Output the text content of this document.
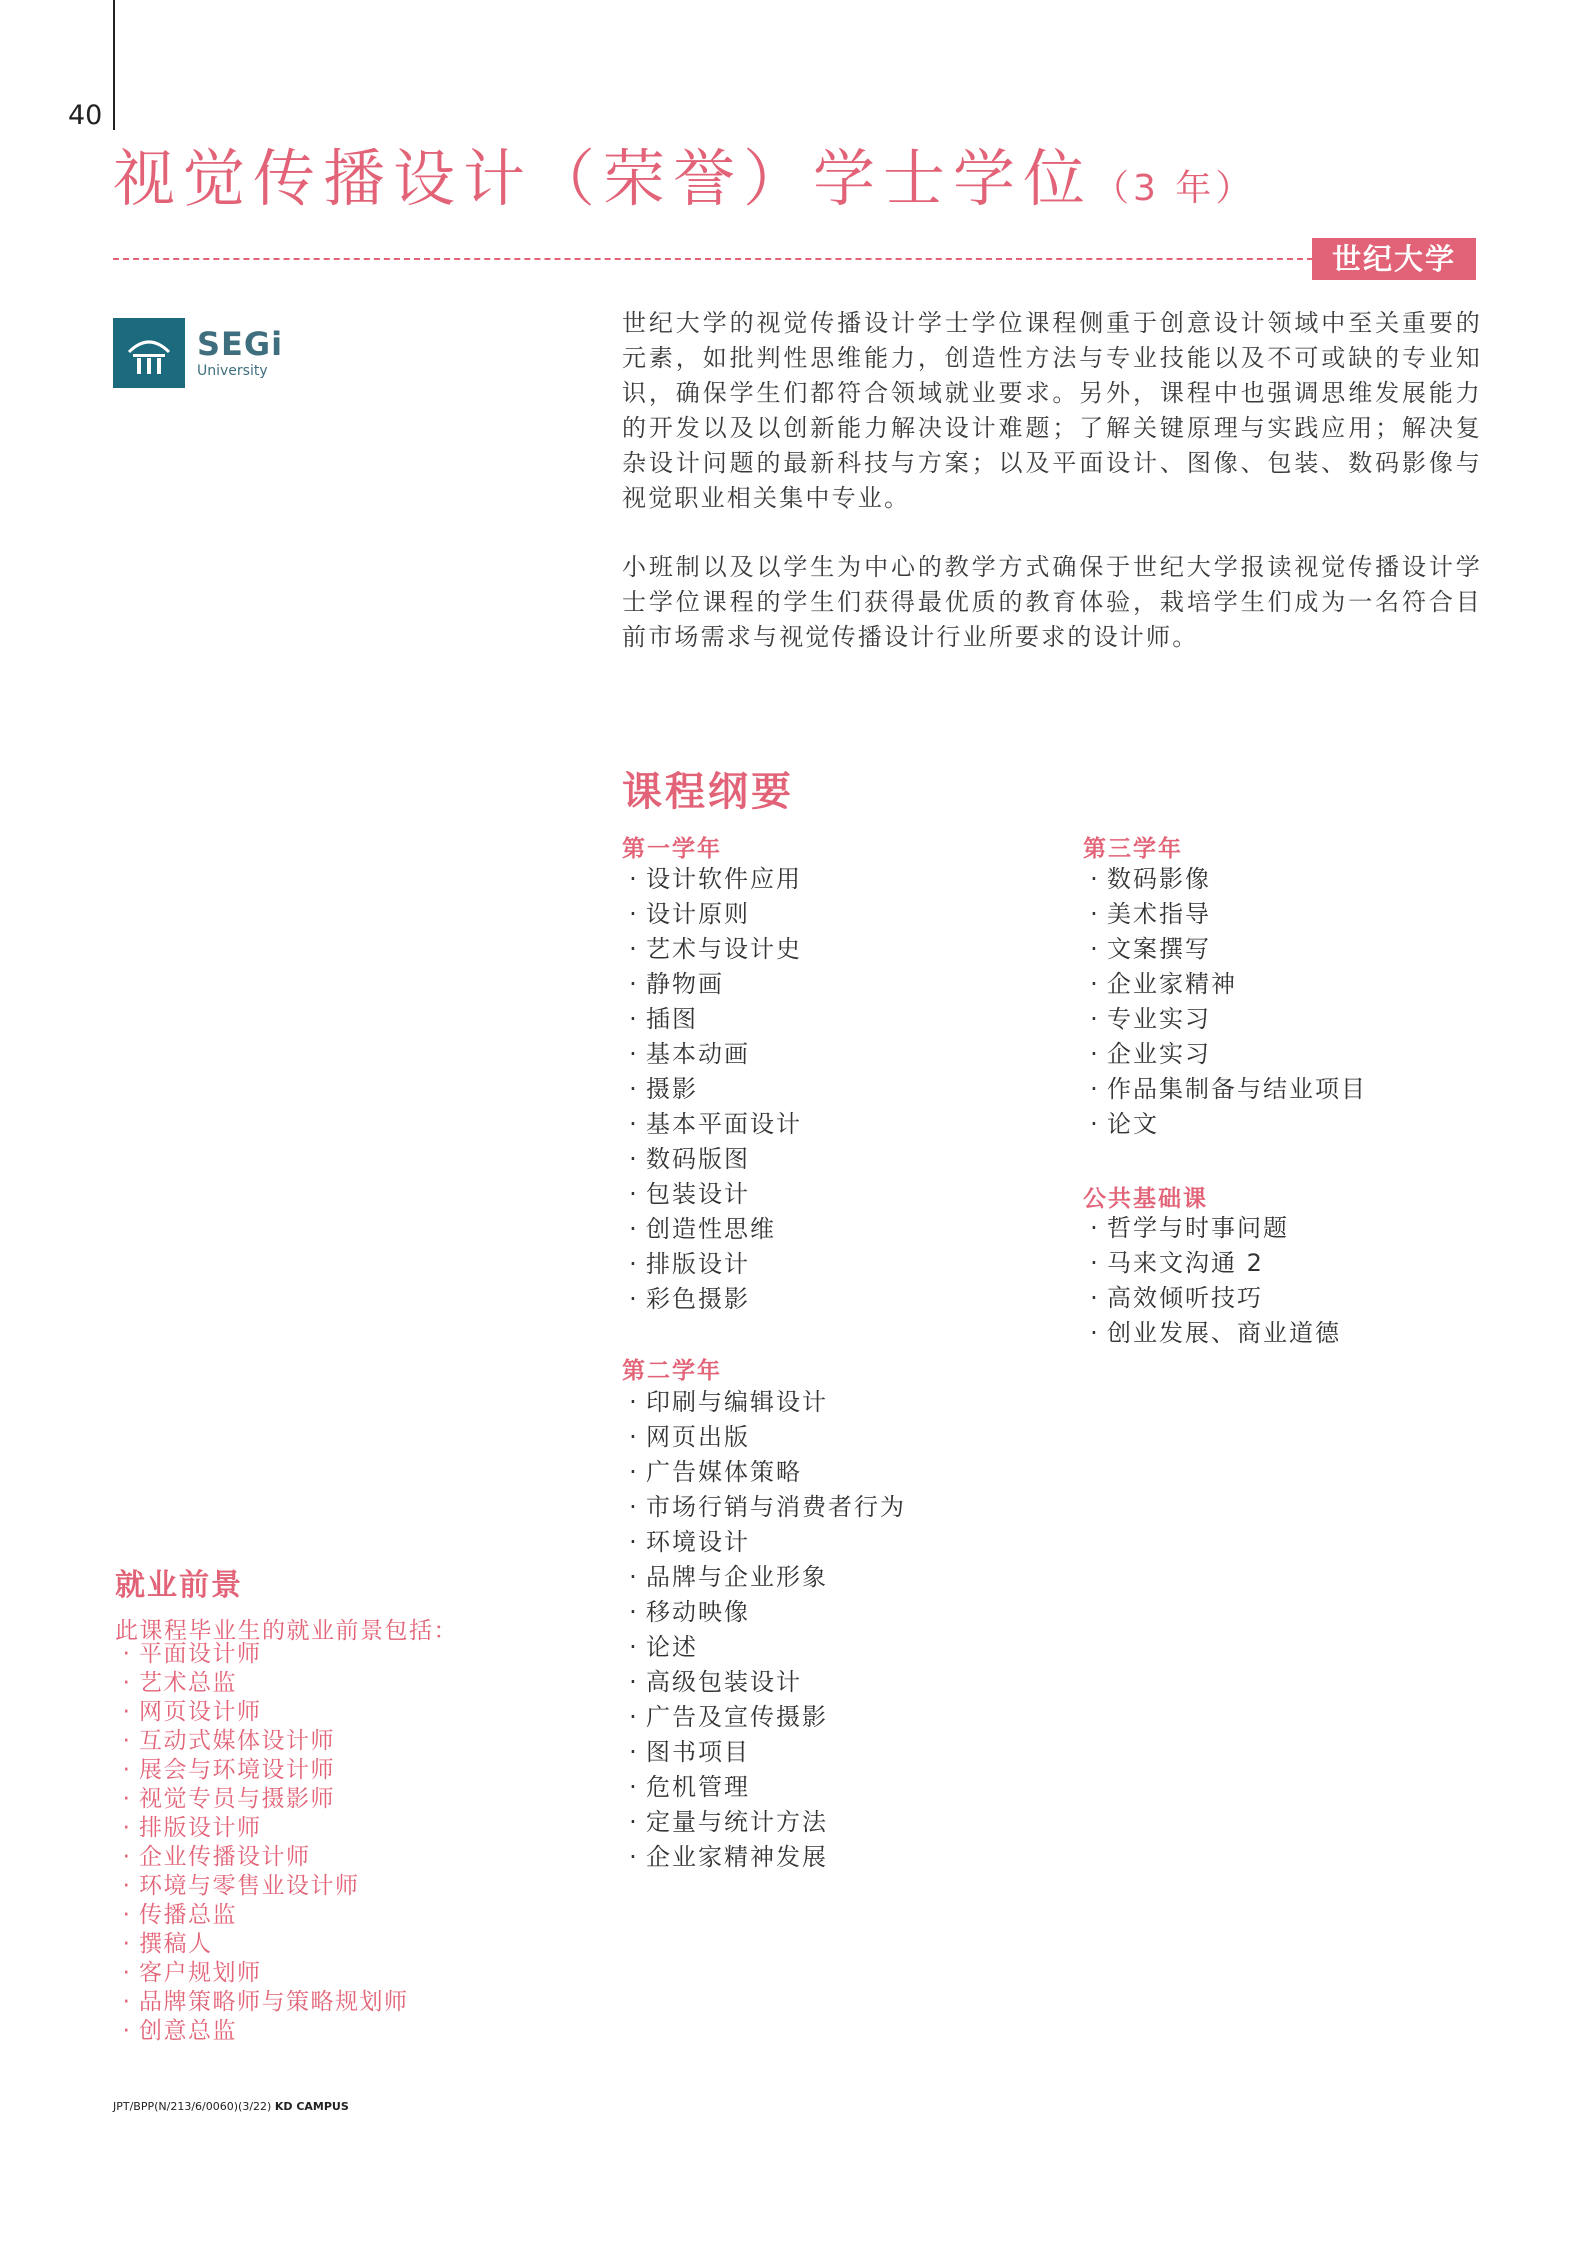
40
视觉传播设计（荣誉）学士学位（3 年）
世纪大学
SEGi
University

世纪大学的视觉传播设计学士学位课程侧重于创意设计领域中至关重要的元素，如批判性思维能力，创造性方法与专业技能以及不可或缺的专业知识，确保学生们都符合领域就业要求。另外，课程中也强调思维发展能力的开发以及以创新能力解决设计难题；了解关键原理与实践应用；解决复杂设计问题的最新科技与方案；以及平面设计、图像、包装、数码影像与视觉职业相关集中专业。

小班制以及以学生为中心的教学方式确保于世纪大学报读视觉传播设计学士学位课程的学生们获得最优质的教育体验，栽培学生们成为一名符合目前市场需求与视觉传播设计行业所要求的设计师。

课程纲要
第一学年
· 设计软件应用
· 设计原则
· 艺术与设计史
· 静物画
· 插图
· 基本动画
· 摄影
· 基本平面设计
· 数码版图
· 包装设计
· 创造性思维
· 排版设计
· 彩色摄影
第二学年
· 印刷与编辑设计
· 网页出版
· 广告媒体策略
· 市场行销与消费者行为
· 环境设计
· 品牌与企业形象
· 移动映像
· 论述
· 高级包装设计
· 广告及宣传摄影
· 图书项目
· 危机管理
· 定量与统计方法
· 企业家精神发展
第三学年
· 数码影像
· 美术指导
· 文案撰写
· 企业家精神
· 专业实习
· 企业实习
· 作品集制备与结业项目
· 论文
公共基础课
· 哲学与时事问题
· 马来文沟通 2
· 高效倾听技巧
· 创业发展、商业道德
就业前景
此课程毕业生的就业前景包括：
· 平面设计师
· 艺术总监
· 网页设计师
· 互动式媒体设计师
· 展会与环境设计师
· 视觉专员与摄影师
· 排版设计师
· 企业传播设计师
· 环境与零售业设计师
· 传播总监
· 撰稿人
· 客户规划师
· 品牌策略师与策略规划师
· 创意总监
JPT/BPP(N/213/6/0060)(3/22) KD CAMPUS
